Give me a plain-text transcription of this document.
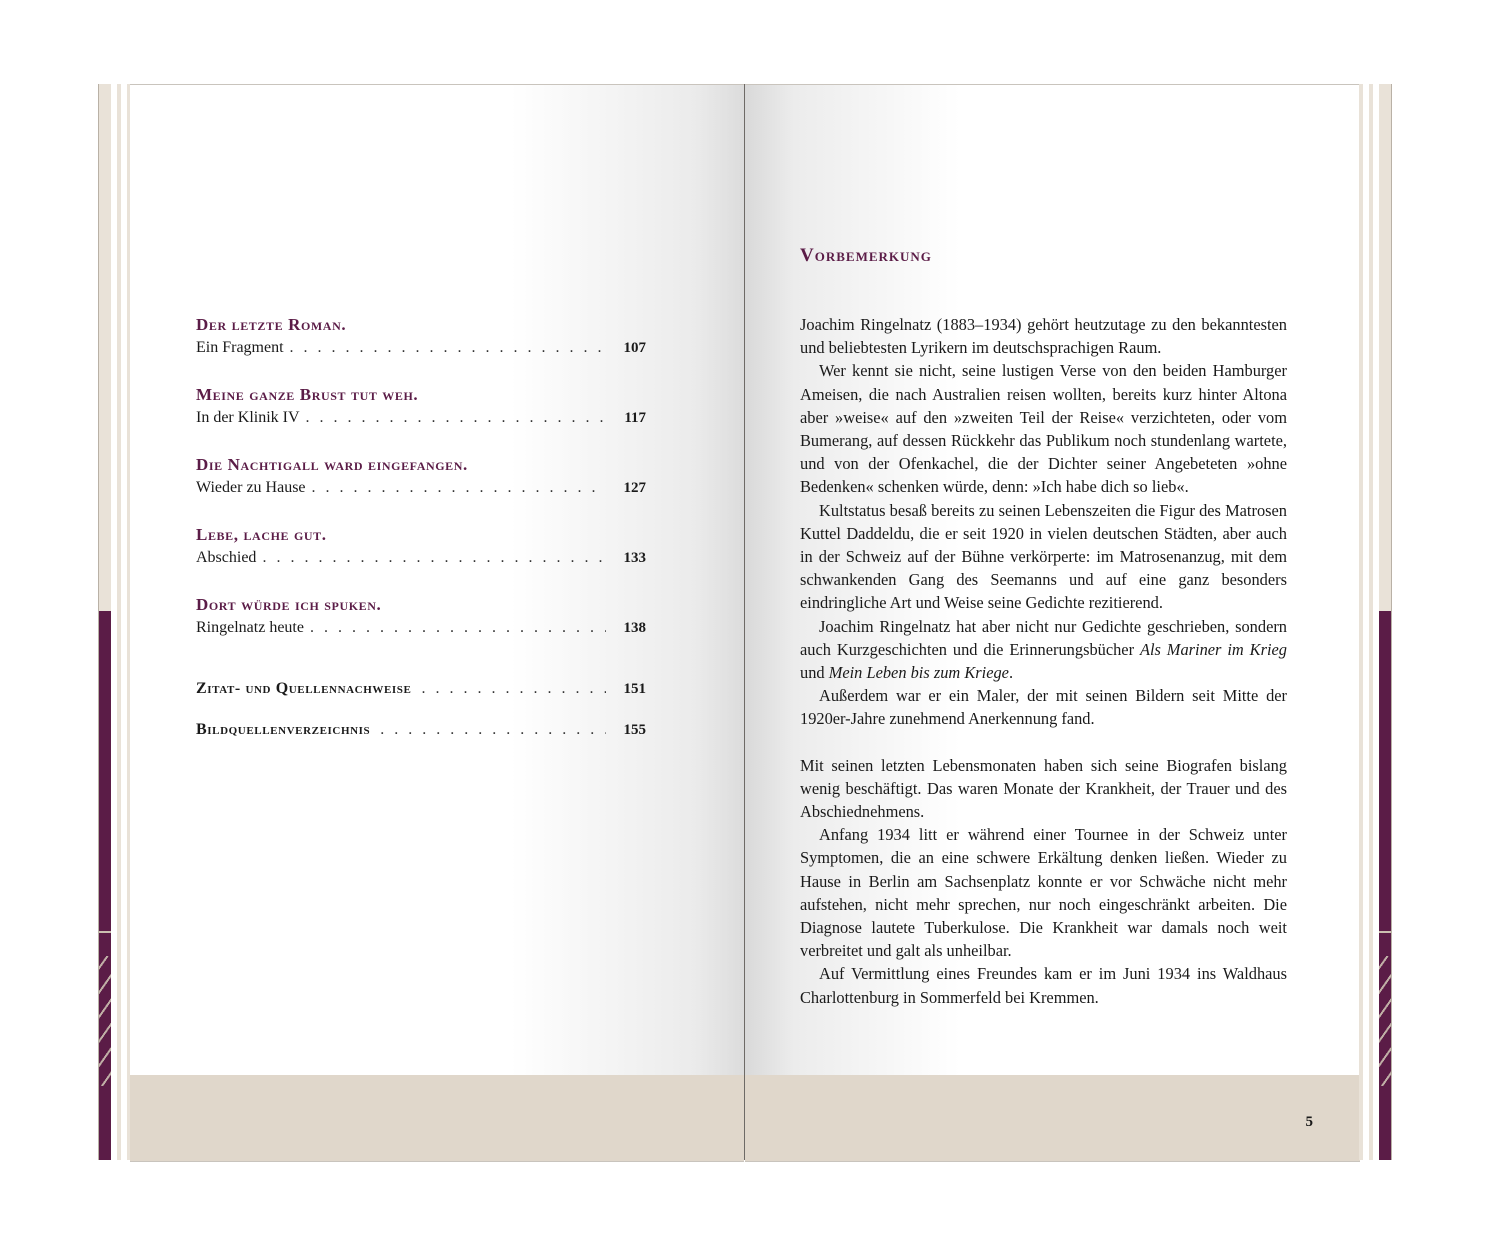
Der letzte Roman.
Ein Fragment . . .	107
Meine ganze Brust tut weh.
In der Klinik IV . . .	117
Die Nachtigall ward eingefangen.
Wieder zu Hause . . .	127
Lebe, lache gut.
Abschied . . .	133
Dort würde ich spuken.
Ringelnatz heute . . .	138
Zitat- und Quellennachweise . . .	151
Bildquellenverzeichnis . . .	155
Vorbemerkung

Joachim Ringelnatz (1883–1934) gehört heutzutage zu den bekanntesten und beliebtesten Lyrikern im deutschsprachigen Raum.

Wer kennt sie nicht, seine lustigen Verse von den beiden Hamburger Ameisen, die nach Australien reisen wollten, bereits kurz hinter Altona aber »weise« auf den »zweiten Teil der Reise« verzichteten, oder vom Bumerang, auf dessen Rückkehr das Publikum noch stundenlang wartete, und von der Ofenkachel, die der Dichter seiner Angebeteten »ohne Bedenken« schenken würde, denn: »Ich habe dich so lieb«.

Kultstatus besaß bereits zu seinen Lebenszeiten die Figur des Matrosen Kuttel Daddeldu, die er seit 1920 in vielen deutschen Städten, aber auch in der Schweiz auf der Bühne verkörperte: im Matrosenanzug, mit dem schwankenden Gang des Seemanns und auf eine ganz besonders eindringliche Art und Weise seine Gedichte rezitierend.

Joachim Ringelnatz hat aber nicht nur Gedichte geschrieben, sondern auch Kurzgeschichten und die Erinnerungsbücher Als Mariner im Krieg und Mein Leben bis zum Kriege.

Außerdem war er ein Maler, der mit seinen Bildern seit Mitte der 1920er-Jahre zunehmend Anerkennung fand.

Mit seinen letzten Lebensmonaten haben sich seine Biografen bislang wenig beschäftigt. Das waren Monate der Krankheit, der Trauer und des Abschiednehmens.

Anfang 1934 litt er während einer Tournee in der Schweiz unter Symptomen, die an eine schwere Erkältung denken ließen. Wieder zu Hause in Berlin am Sachsenplatz konnte er vor Schwäche nicht mehr aufstehen, nicht mehr sprechen, nur noch eingeschränkt arbeiten. Die Diagnose lautete Tuberkulose. Die Krankheit war damals noch weit verbreitet und galt als unheilbar.

Auf Vermittlung eines Freundes kam er im Juni 1934 ins Waldhaus Charlottenburg in Sommerfeld bei Kremmen.

5
